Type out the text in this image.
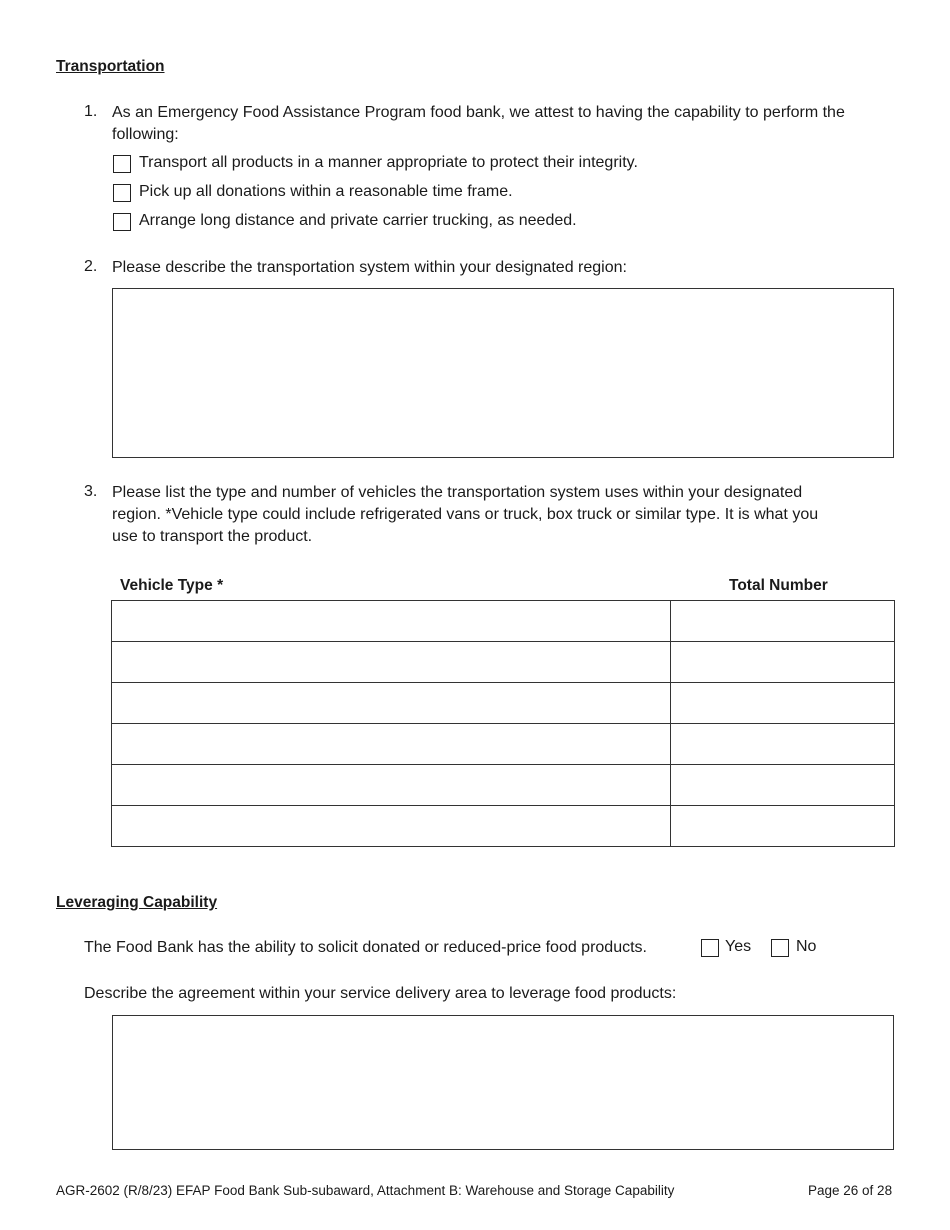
Transportation
1. As an Emergency Food Assistance Program food bank, we attest to having the capability to perform the
following:
Transport all products in a manner appropriate to protect their integrity.
Pick up all donations within a reasonable time frame.
Arrange long distance and private carrier trucking, as needed.
2. Please describe the transportation system within your designated region:
3. Please list the type and number of vehicles the transportation system uses within your designated
region. *Vehicle type could include refrigerated vans or truck, box truck or similar type. It is what you
use to transport the product.
Vehicle Type *	Total Number

Leveraging Capability
The Food Bank has the ability to solicit donated or reduced-price food products.	Yes	No
Describe the agreement within your service delivery area to leverage food products:
AGR-2602 (R/8/23) EFAP Food Bank Sub-subaward, Attachment B: Warehouse and Storage Capability	Page 26 of 28
